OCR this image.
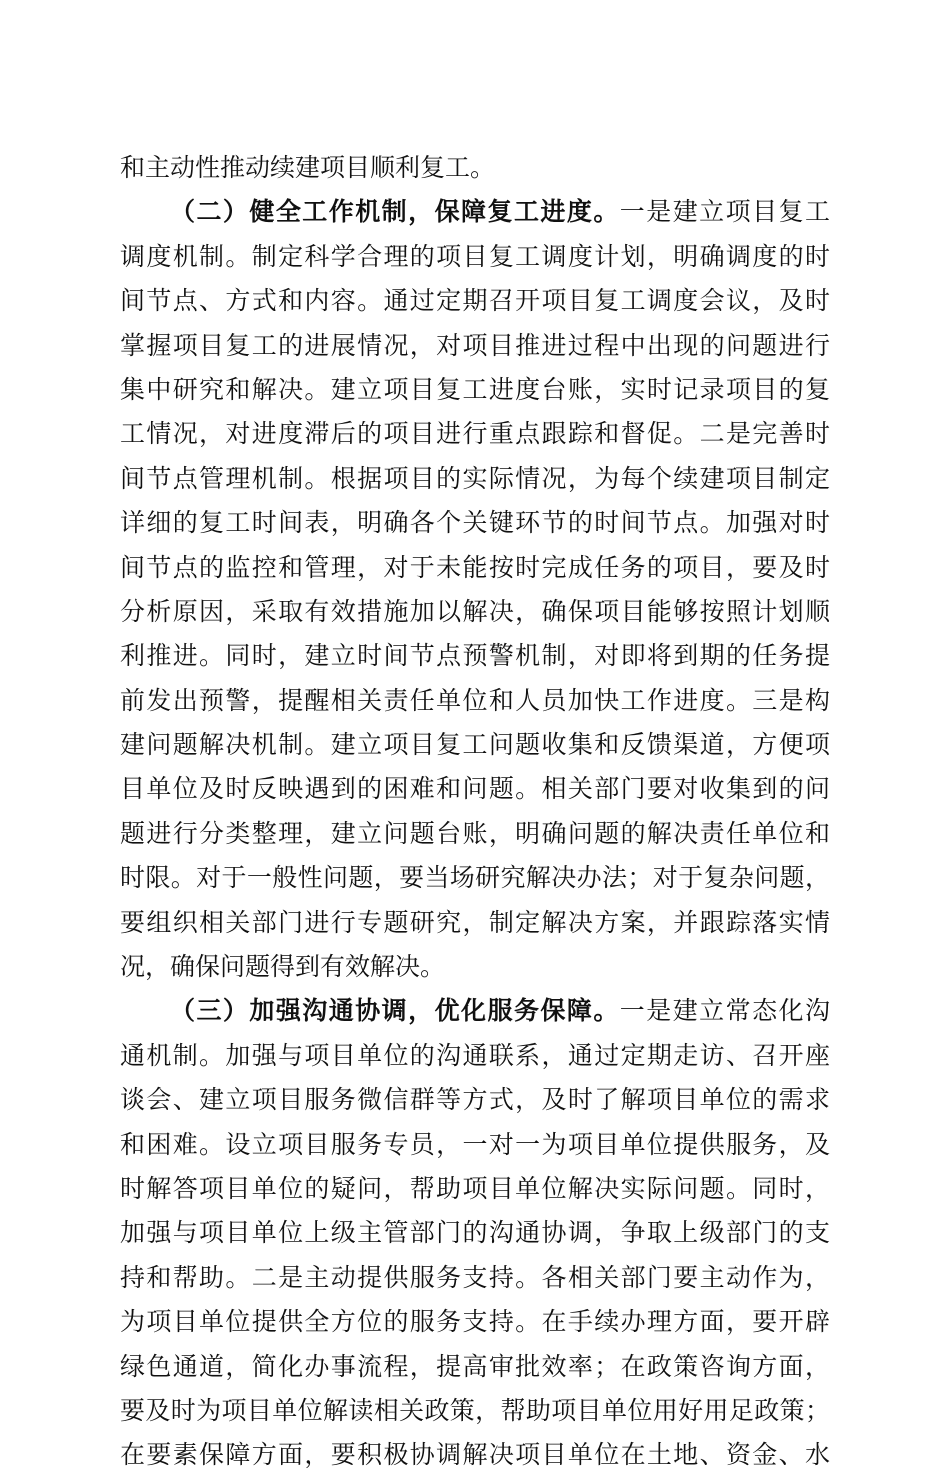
和主动性推动续建项目顺利复工。
（二）健全工作机制，保障复工进度。一是建立项目复工
调度机制。制定科学合理的项目复工调度计划，明确调度的时
间节点、方式和内容。通过定期召开项目复工调度会议，及时
掌握项目复工的进展情况，对项目推进过程中出现的问题进行
集中研究和解决。建立项目复工进度台账，实时记录项目的复
工情况，对进度滞后的项目进行重点跟踪和督促。二是完善时
间节点管理机制。根据项目的实际情况，为每个续建项目制定
详细的复工时间表，明确各个关键环节的时间节点。加强对时
间节点的监控和管理，对于未能按时完成任务的项目，要及时
分析原因，采取有效措施加以解决，确保项目能够按照计划顺
利推进。同时，建立时间节点预警机制，对即将到期的任务提
前发出预警，提醒相关责任单位和人员加快工作进度。三是构
建问题解决机制。建立项目复工问题收集和反馈渠道，方便项
目单位及时反映遇到的困难和问题。相关部门要对收集到的问
题进行分类整理，建立问题台账，明确问题的解决责任单位和
时限。对于一般性问题，要当场研究解决办法；对于复杂问题，
要组织相关部门进行专题研究，制定解决方案，并跟踪落实情
况，确保问题得到有效解决。
（三）加强沟通协调，优化服务保障。一是建立常态化沟
通机制。加强与项目单位的沟通联系，通过定期走访、召开座
谈会、建立项目服务微信群等方式，及时了解项目单位的需求
和困难。设立项目服务专员，一对一为项目单位提供服务，及
时解答项目单位的疑问，帮助项目单位解决实际问题。同时，
加强与项目单位上级主管部门的沟通协调，争取上级部门的支
持和帮助。二是主动提供服务支持。各相关部门要主动作为，
为项目单位提供全方位的服务支持。在手续办理方面，要开辟
绿色通道，简化办事流程，提高审批效率；在政策咨询方面，
要及时为项目单位解读相关政策，帮助项目单位用好用足政策；
在要素保障方面，要积极协调解决项目单位在土地、资金、水
